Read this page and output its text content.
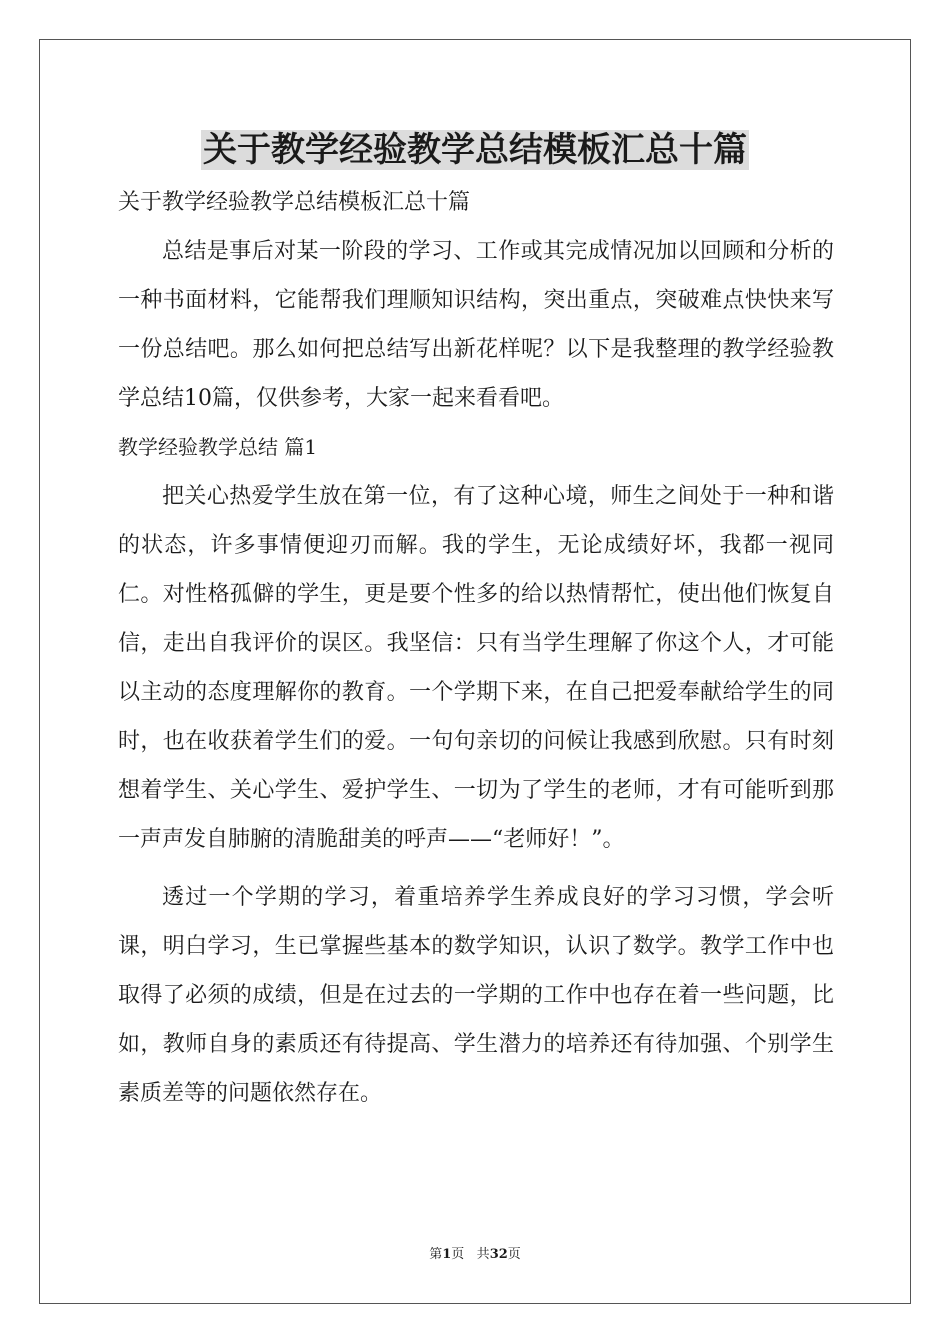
关于教学经验教学总结模板汇总十篇

关于教学经验教学总结模板汇总十篇

总结是事后对某一阶段的学习、工作或其完成情况加以回顾和分析的一种书面材料，它能帮我们理顺知识结构，突出重点，突破难点快快来写一份总结吧。那么如何把总结写出新花样呢？以下是我整理的教学经验教学总结10篇，仅供参考，大家一起来看看吧。

教学经验教学总结 篇1

把关心热爱学生放在第一位，有了这种心境，师生之间处于一种和谐的状态，许多事情便迎刃而解。我的学生，无论成绩好坏，我都一视同仁。对性格孤僻的学生，更是要个性多的给以热情帮忙，使出他们恢复自信，走出自我评价的误区。我坚信：只有当学生理解了你这个人，才可能以主动的态度理解你的教育。一个学期下来，在自己把爱奉献给学生的同时，也在收获着学生们的爱。一句句亲切的问候让我感到欣慰。只有时刻想着学生、关心学生、爱护学生、一切为了学生的老师，才有可能听到那一声声发自肺腑的清脆甜美的呼声——“老师好！”。

透过一个学期的学习，着重培养学生养成良好的学习习惯，学会听课，明白学习，生已掌握些基本的数学知识，认识了数学。教学工作中也取得了必须的成绩，但是在过去的一学期的工作中也存在着一些问题，比如，教师自身的素质还有待提高、学生潜力的培养还有待加强、个别学生素质差等的问题依然存在。

第1页 共32页
